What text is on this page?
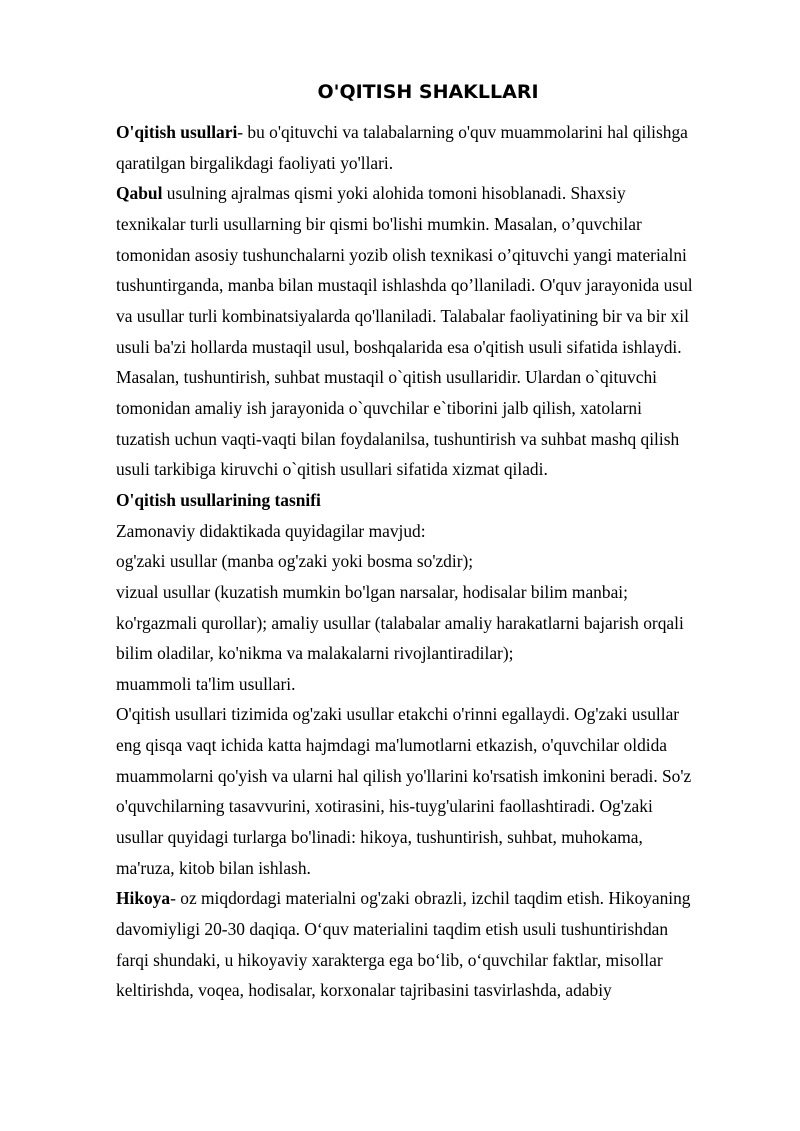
O'QITISH SHAKLLARI

O'qitish usullari- bu o'qituvchi va talabalarning o'quv muammolarini hal qilishga
qaratilgan birgalikdagi faoliyati yo'llari.

Qabul usulning ajralmas qismi yoki alohida tomoni hisoblanadi. Shaxsiy
texnikalar turli usullarning bir qismi bo'lishi mumkin. Masalan, o’quvchilar
tomonidan asosiy tushunchalarni yozib olish texnikasi o’qituvchi yangi materialni
tushuntirganda, manba bilan mustaqil ishlashda qo’llaniladi. O'quv jarayonida usul
va usullar turli kombinatsiyalarda qo'llaniladi. Talabalar faoliyatining bir va bir xil
usuli ba'zi hollarda mustaqil usul, boshqalarida esa o'qitish usuli sifatida ishlaydi.
Masalan, tushuntirish, suhbat mustaqil o`qitish usullaridir. Ulardan o`qituvchi
tomonidan amaliy ish jarayonida o`quvchilar e`tiborini jalb qilish, xatolarni
tuzatish uchun vaqti-vaqti bilan foydalanilsa, tushuntirish va suhbat mashq qilish
usuli tarkibiga kiruvchi o`qitish usullari sifatida xizmat qiladi.

O'qitish usullarining tasnifi

Zamonaviy didaktikada quyidagilar mavjud:
og'zaki usullar (manba og'zaki yoki bosma so'zdir);
vizual usullar (kuzatish mumkin bo'lgan narsalar, hodisalar bilim manbai;
ko'rgazmali qurollar); amaliy usullar (talabalar amaliy harakatlarni bajarish orqali
bilim oladilar, ko'nikma va malakalarni rivojlantiradilar);
muammoli ta'lim usullari.

O'qitish usullari tizimida og'zaki usullar etakchi o'rinni egallaydi. Og'zaki usullar
eng qisqa vaqt ichida katta hajmdagi ma'lumotlarni etkazish, o'quvchilar oldida
muammolarni qo'yish va ularni hal qilish yo'llarini ko'rsatish imkonini beradi. So'z
o'quvchilarning tasavvurini, xotirasini, his-tuyg'ularini faollashtiradi. Og'zaki
usullar quyidagi turlarga bo'linadi: hikoya, tushuntirish, suhbat, muhokama,
ma'ruza, kitob bilan ishlash.

Hikoya- oz miqdordagi materialni og'zaki obrazli, izchil taqdim etish. Hikoyaning
davomiyligi 20-30 daqiqa. O‘quv materialini taqdim etish usuli tushuntirishdan
farqi shundaki, u hikoyaviy xarakterga ega bo‘lib, o‘quvchilar faktlar, misollar
keltirishda, voqea, hodisalar, korxonalar tajribasini tasvirlashda, adabiy
